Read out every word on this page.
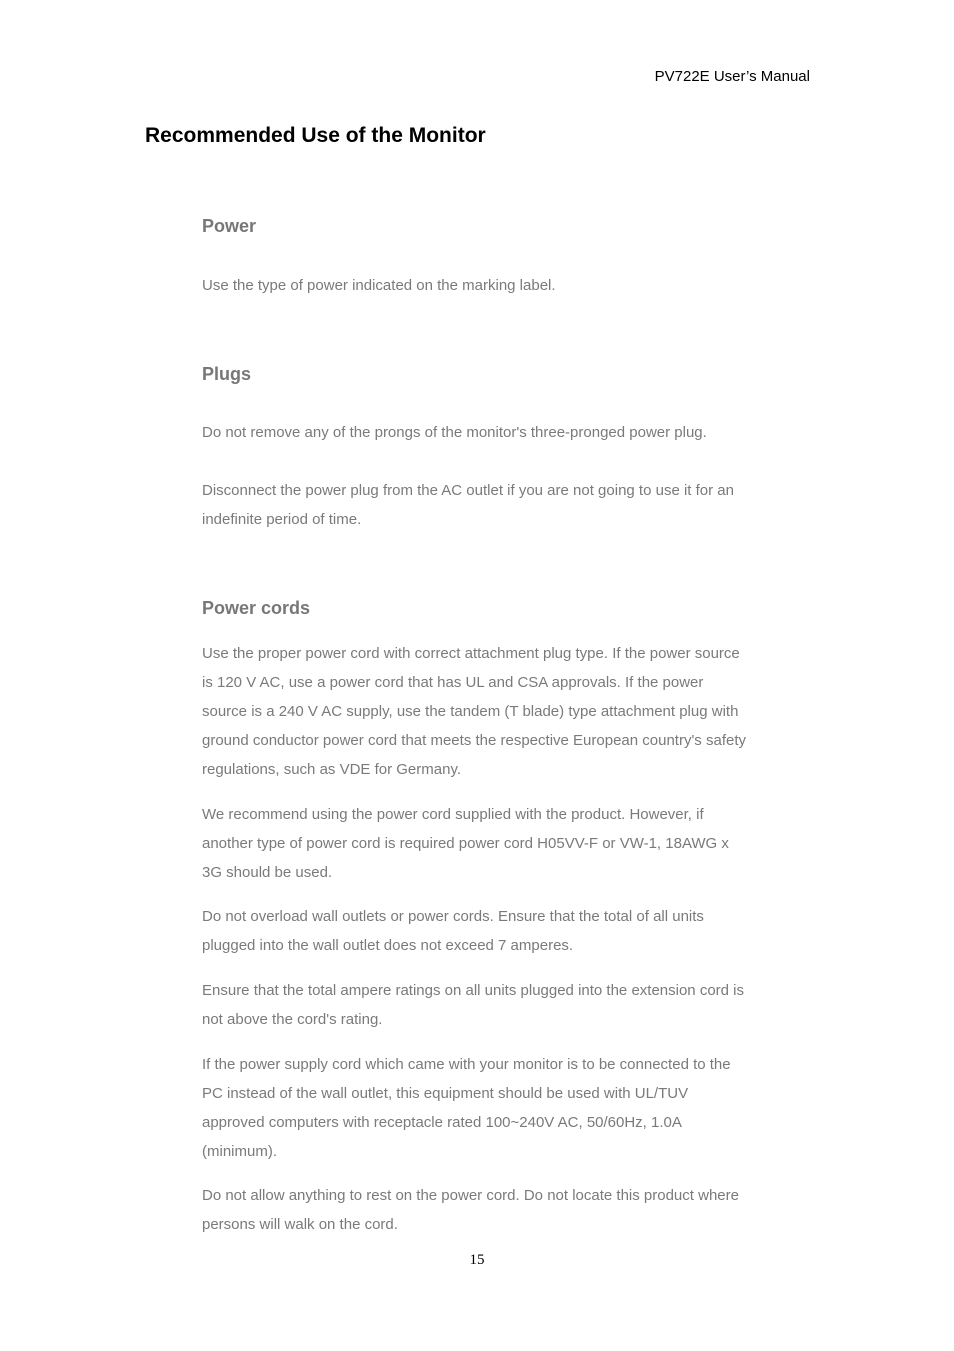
PV722E User’s Manual
Recommended Use of the Monitor
Power

Use the type of power indicated on the marking label.

Plugs

Do not remove any of the prongs of the monitor's three-pronged power plug.

Disconnect the power plug from the AC outlet if you are not going to use it for an indefinite period of time.

Power cords

Use the proper power cord with correct attachment plug type. If the power source is 120 V AC, use a power cord that has UL and CSA approvals. If the power source is a 240 V AC supply, use the tandem (T blade) type attachment plug with ground conductor power cord that meets the respective European country's safety regulations, such as VDE for Germany.

We recommend using the power cord supplied with the product. However, if another type of power cord is required power cord H05VV-F or VW-1, 18AWG x 3G should be used.

Do not overload wall outlets or power cords. Ensure that the total of all units plugged into the wall outlet does not exceed 7 amperes.

Ensure that the total ampere ratings on all units plugged into the extension cord is not above the cord's rating.

If the power supply cord which came with your monitor is to be connected to the PC instead of the wall outlet, this equipment should be used with UL/TUV approved computers with receptacle rated 100~240V AC, 50/60Hz, 1.0A (minimum).

Do not allow anything to rest on the power cord. Do not locate this product where persons will walk on the cord.

15
